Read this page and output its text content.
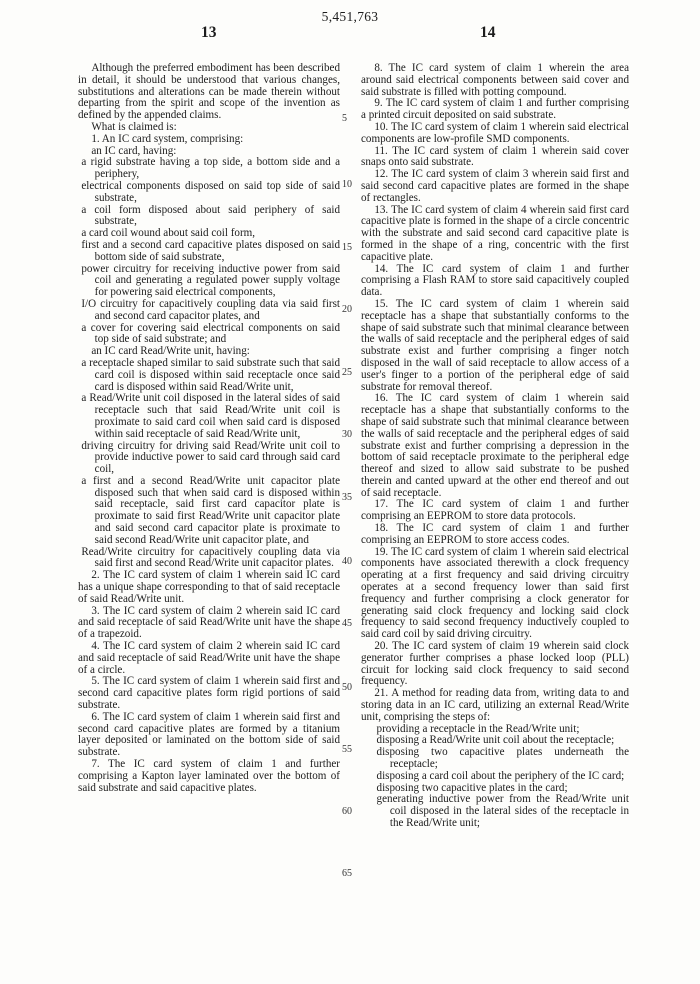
5,451,763
13	14

Although the preferred embodiment has been described in detail, it should be understood that various changes, substitutions and alterations can be made therein without departing from the spirit and scope of the invention as defined by the appended claims.

What is claimed is:

1. An IC card system, comprising:

an IC card, having:

a rigid substrate having a top side, a bottom side and a periphery,

electrical components disposed on said top side of said substrate,

a coil form disposed about said periphery of said substrate,

a card coil wound about said coil form,

first and a second card capacitive plates disposed on said bottom side of said substrate,

power circuitry for receiving inductive power from said coil and generating a regulated power supply voltage for powering said electrical components,

I/O circuitry for capacitively coupling data via said first and second card capacitor plates, and

a cover for covering said electrical components on said top side of said substrate; and

an IC card Read/Write unit, having:

a receptacle shaped similar to said substrate such that said card coil is disposed within said receptacle once said card is disposed within said Read/Write unit,

a Read/Write unit coil disposed in the lateral sides of said receptacle such that said Read/Write unit coil is proximate to said card coil when said card is disposed within said receptacle of said Read/Write unit,

driving circuitry for driving said Read/Write unit coil to provide inductive power to said card through said card coil,

a first and a second Read/Write unit capacitor plate disposed such that when said card is disposed within said receptacle, said first card capacitor plate is proximate to said first Read/Write unit capacitor plate and said second card capacitor plate is proximate to said second Read/Write unit capacitor plate, and

Read/Write circuitry for capacitively coupling data via said first and second Read/Write unit capacitor plates.

2. The IC card system of claim 1 wherein said IC card has a unique shape corresponding to that of said receptacle of said Read/Write unit.

3. The IC card system of claim 2 wherein said IC card and said receptacle of said Read/Write unit have the shape of a trapezoid.

4. The IC card system of claim 2 wherein said IC card and said receptacle of said Read/Write unit have the shape of a circle.

5. The IC card system of claim 1 wherein said first and second card capacitive plates form rigid portions of said substrate.

6. The IC card system of claim 1 wherein said first and second card capacitive plates are formed by a titanium layer deposited or laminated on the bottom side of said substrate.

7. The IC card system of claim 1 and further comprising a Kapton layer laminated over the bottom of said substrate and said capacitive plates.

8. The IC card system of claim 1 wherein the area around said electrical components between said cover and said substrate is filled with potting compound.

9. The IC card system of claim 1 and further comprising a printed circuit deposited on said substrate.

10. The IC card system of claim 1 wherein said electrical components are low-profile SMD components.

11. The IC card system of claim 1 wherein said cover snaps onto said substrate.

12. The IC card system of claim 3 wherein said first and said second card capacitive plates are formed in the shape of rectangles.

13. The IC card system of claim 4 wherein said first card capacitive plate is formed in the shape of a circle concentric with the substrate and said second card capacitive plate is formed in the shape of a ring, concentric with the first capacitive plate.

14. The IC card system of claim 1 and further comprising a Flash RAM to store said capacitively coupled data.

15. The IC card system of claim 1 wherein said receptacle has a shape that substantially conforms to the shape of said substrate such that minimal clearance between the walls of said receptacle and the peripheral edges of said substrate exist and further comprising a finger notch disposed in the wall of said receptacle to allow access of a user's finger to a portion of the peripheral edge of said substrate for removal thereof.

16. The IC card system of claim 1 wherein said receptacle has a shape that substantially conforms to the shape of said substrate such that minimal clearance between the walls of said receptacle and the peripheral edges of said substrate exist and further comprising a depression in the bottom of said receptacle proximate to the peripheral edge thereof and sized to allow said substrate to be pushed therein and canted upward at the other end thereof and out of said receptacle.

17. The IC card system of claim 1 and further comprising an EEPROM to store data protocols.

18. The IC card system of claim 1 and further comprising an EEPROM to store access codes.

19. The IC card system of claim 1 wherein said electrical components have associated therewith a clock frequency operating at a first frequency and said driving circuitry operates at a second frequency lower than said first frequency and further comprising a clock generator for generating said clock frequency and locking said clock frequency to said second frequency inductively coupled to said card coil by said driving circuitry.

20. The IC card system of claim 19 wherein said clock generator further comprises a phase locked loop (PLL) circuit for locking said clock frequency to said second frequency.

21. A method for reading data from, writing data to and storing data in an IC card, utilizing an external Read/Write unit, comprising the steps of:

providing a receptacle in the Read/Write unit;

disposing a Read/Write unit coil about the receptacle;

disposing two capacitive plates underneath the receptacle;

disposing a card coil about the periphery of the IC card;

disposing two capacitive plates in the card;

generating inductive power from the Read/Write unit coil disposed in the lateral sides of the receptacle in the Read/Write unit;

5
10
15
20
25
30
35
40
45
50
55
60
65
